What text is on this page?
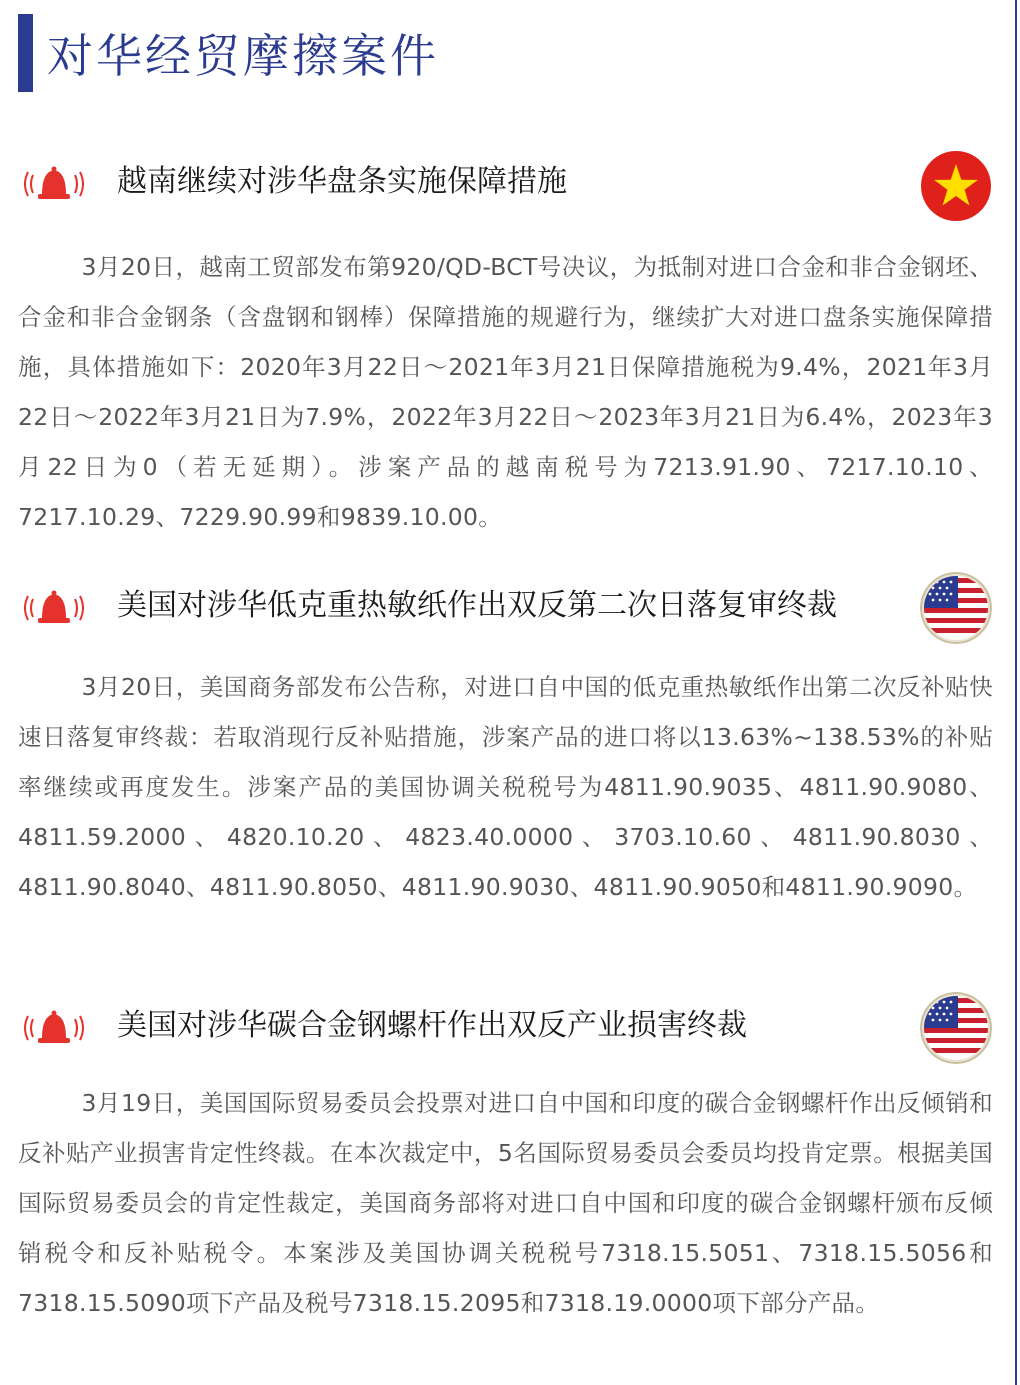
对华经贸摩擦案件
越南继续对涉华盘条实施保障措施

3月20日，越南工贸部发布第920/QD-BCT号决议，为抵制对进口合金和非合金钢坯、合金和非合金钢条（含盘钢和钢棒）保障措施的规避行为，继续扩大对进口盘条实施保障措施，具体措施如下：2020年3月22日～2021年3月21日保障措施税为9.4%，2021年3月22日～2022年3月21日为7.9%，2022年3月22日～2023年3月21日为6.4%，2023年3月22日为0（若无延期）。涉案产品的越南税号为7213.91.90、7217.10.10、7217.10.29、7229.90.99和9839.10.00。

美国对涉华低克重热敏纸作出双反第二次日落复审终裁

3月20日，美国商务部发布公告称，对进口自中国的低克重热敏纸作出第二次反补贴快速日落复审终裁：若取消现行反补贴措施，涉案产品的进口将以13.63%~138.53%的补贴率继续或再度发生。涉案产品的美国协调关税税号为4811.90.9035、4811.90.9080、4811.59.2000、4820.10.20、4823.40.0000、3703.10.60、4811.90.8030、4811.90.8040、4811.90.8050、4811.90.9030、4811.90.9050和4811.90.9090。

美国对涉华碳合金钢螺杆作出双反产业损害终裁

3月19日，美国国际贸易委员会投票对进口自中国和印度的碳合金钢螺杆作出反倾销和反补贴产业损害肯定性终裁。在本次裁定中，5名国际贸易委员会委员均投肯定票。根据美国国际贸易委员会的肯定性裁定，美国商务部将对进口自中国和印度的碳合金钢螺杆颁布反倾销税令和反补贴税令。本案涉及美国协调关税税号7318.15.5051、7318.15.5056和7318.15.5090项下产品及税号7318.15.2095和7318.19.0000项下部分产品。
